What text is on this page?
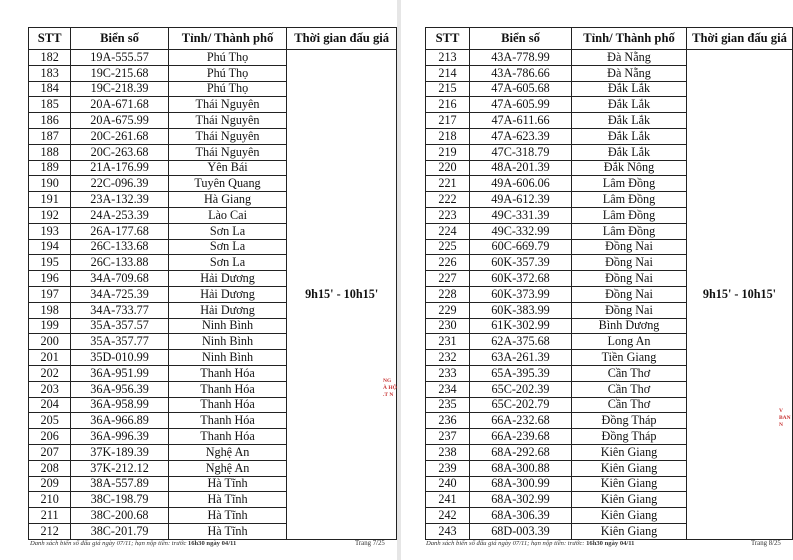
STT	Biển số	Tỉnh/ Thành phố	Thời gian đấu giá
182	19A-555.57	Phú Thọ	9h15' - 10h15'
183	19C-215.68	Phú Thọ	
184	19C-218.39	Phú Thọ	
185	20A-671.68	Thái Nguyên	
186	20A-675.99	Thái Nguyên	
187	20C-261.68	Thái Nguyên	
188	20C-263.68	Thái Nguyên	
189	21A-176.99	Yên Bái	
190	22C-096.39	Tuyên Quang	
191	23A-132.39	Hà Giang	
192	24A-253.39	Lào Cai	
193	26A-177.68	Sơn La	
194	26C-133.68	Sơn La	
195	26C-133.88	Sơn La	
196	34A-709.68	Hải Dương	
197	34A-725.39	Hải Dương	
198	34A-733.77	Hải Dương	
199	35A-357.57	Ninh Bình	
200	35A-357.77	Ninh Bình	
201	35D-010.99	Ninh Bình	
202	36A-951.99	Thanh Hóa	
203	36A-956.39	Thanh Hóa	
204	36A-958.99	Thanh Hóa	
205	36A-966.89	Thanh Hóa	
206	36A-996.39	Thanh Hóa	
207	37K-189.39	Nghệ An	
208	37K-212.12	Nghệ An	
209	38A-557.89	Hà Tĩnh	
210	38C-198.79	Hà Tĩnh	
211	38C-200.68	Hà Tĩnh	
212	38C-201.79	Hà Tĩnh	
NG
À HỘ
.T N
Danh sách biển số đấu giá ngày 07/11; hạn nộp tiền: trước 16h30 ngày 04/11	Trang 7/25
STT	Biển số	Tỉnh/ Thành phố	Thời gian đấu giá
213	43A-778.99	Đà Nẵng	9h15' - 10h15'
214	43A-786.66	Đà Nẵng	
215	47A-605.68	Đắk Lắk	
216	47A-605.99	Đắk Lắk	
217	47A-611.66	Đắk Lắk	
218	47A-623.39	Đắk Lắk	
219	47C-318.79	Đắk Lắk	
220	48A-201.39	Đắk Nông	
221	49A-606.06	Lâm Đồng	
222	49A-612.39	Lâm Đồng	
223	49C-331.39	Lâm Đồng	
224	49C-332.99	Lâm Đồng	
225	60C-669.79	Đồng Nai	
226	60K-357.39	Đồng Nai	
227	60K-372.68	Đồng Nai	
228	60K-373.99	Đồng Nai	
229	60K-383.99	Đồng Nai	
230	61K-302.99	Bình Dương	
231	62A-375.68	Long An	
232	63A-261.39	Tiền Giang	
233	65A-395.39	Cần Thơ	
234	65C-202.39	Cần Thơ	
235	65C-202.79	Cần Thơ	
236	66A-232.68	Đồng Tháp	
237	66A-239.68	Đồng Tháp	
238	68A-292.68	Kiên Giang	
239	68A-300.88	Kiên Giang	
240	68A-300.99	Kiên Giang	
241	68A-302.99	Kiên Giang	
242	68A-306.39	Kiên Giang	
243	68D-003.39	Kiên Giang	
V
BAN
N
Danh sách biển số đấu giá ngày 07/11; hạn nộp tiền: trước: 16h30 ngày 04/11	Trang 8/25
